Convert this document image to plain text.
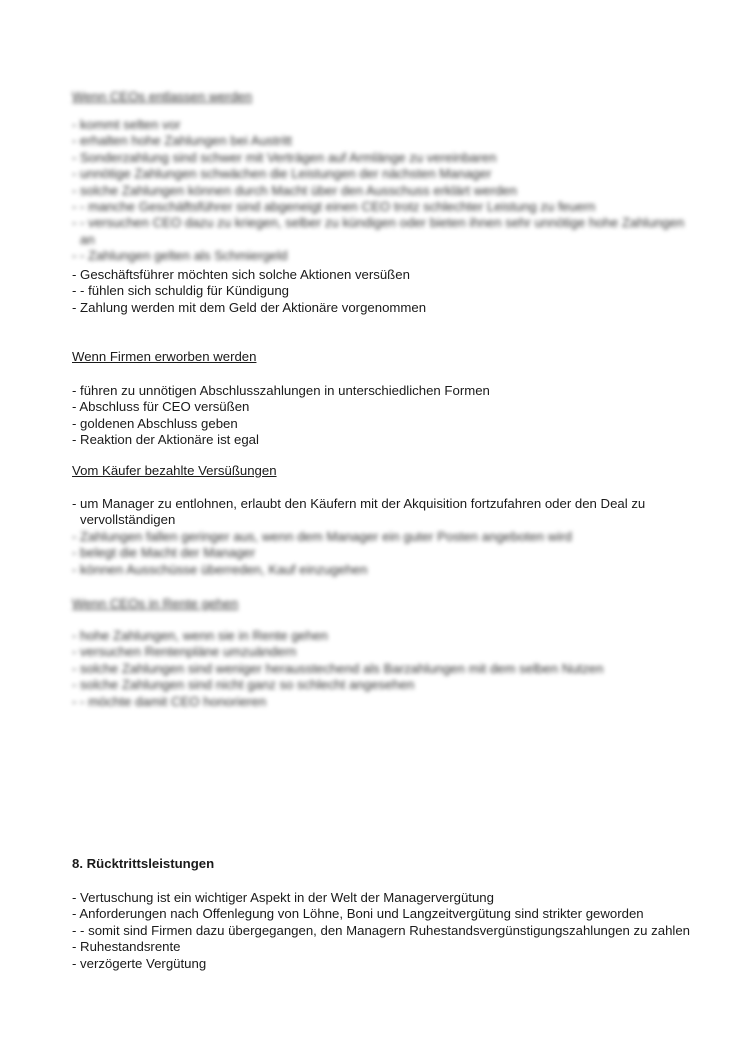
Wenn CEOs entlassen werden

- kommt selten vor
- erhalten hohe Zahlungen bei Austritt
- Sonderzahlung sind schwer mit Verträgen auf Armlänge zu vereinbaren
- unnötige Zahlungen schwächen die Leistungen der nächsten Manager
- solche Zahlungen können durch Macht über den Ausschuss erklärt werden
- - manche Geschäftsführer sind abgeneigt einen CEO trotz schlechter Leistung zu feuern
- - versuchen CEO dazu zu kriegen, selber zu kündigen oder bieten ihnen sehr unnötige hohe Zahlungen an
- - Zahlungen gelten als Schmiergeld
- Geschäftsführer möchten sich solche Aktionen versüßen
- - fühlen sich schuldig für Kündigung
- Zahlung werden mit dem Geld der Aktionäre vorgenommen

Wenn Firmen erworben werden

- führen zu unnötigen Abschlusszahlungen in unterschiedlichen Formen
- Abschluss für CEO versüßen
- goldenen Abschluss geben
- Reaktion der Aktionäre ist egal

Vom Käufer bezahlte Versüßungen

- um Manager zu entlohnen, erlaubt den Käufern mit der Akquisition fortzufahren oder den Deal zu vervollständigen
- Zahlungen fallen geringer aus, wenn dem Manager ein guter Posten angeboten wird
- belegt die Macht der Manager
- können Ausschüsse überreden, Kauf einzugehen

Wenn CEOs in Rente gehen

- hohe Zahlungen, wenn sie in Rente gehen
- versuchen Rentenpläne umzuändern
- solche Zahlungen sind weniger herausstechend als Barzahlungen mit dem selben Nutzen
- solche Zahlungen sind nicht ganz so schlecht angesehen
- - möchte damit CEO honorieren

8. Rücktrittsleistungen

- Vertuschung ist ein wichtiger Aspekt in der Welt der Managervergütung
- Anforderungen nach Offenlegung von Löhne, Boni und Langzeitvergütung sind strikter geworden
- - somit sind Firmen dazu übergegangen, den Managern Ruhestandsvergünstigungszahlungen zu zahlen
- Ruhestandsrente
- verzögerte Vergütung
